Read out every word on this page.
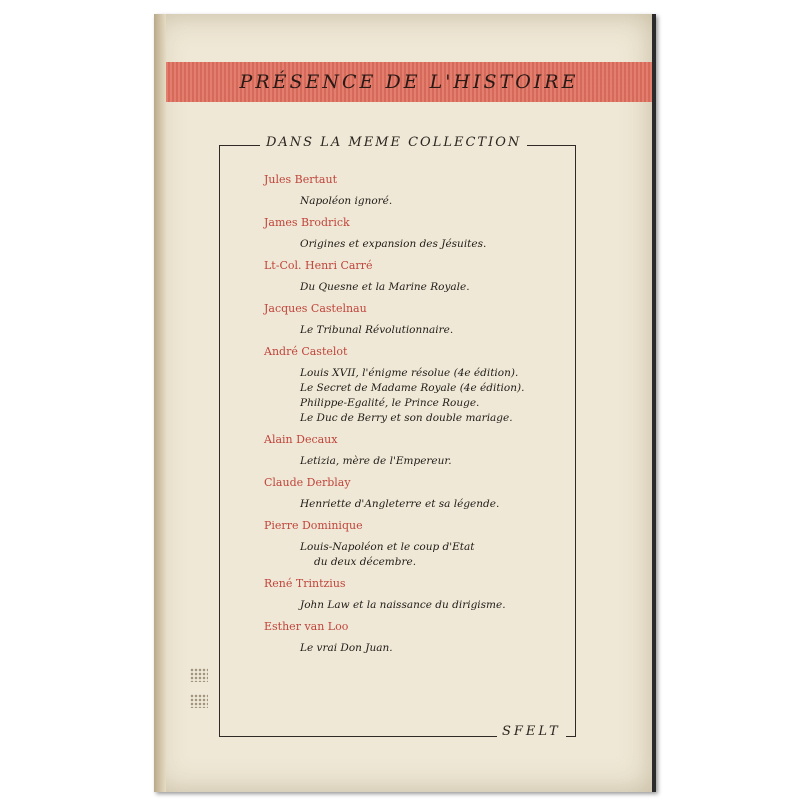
PRÉSENCE DE L'HISTOIRE
DANS LA MEME COLLECTION
Jules Bertaut
Napoléon ignoré.
James Brodrick
Origines et expansion des Jésuites.
Lt-Col. Henri Carré
Du Quesne et la Marine Royale.
Jacques Castelnau
Le Tribunal Révolutionnaire.
André Castelot
Louis XVII, l'énigme résolue (4e édition).
Le Secret de Madame Royale (4e édition).
Philippe-Egalité, le Prince Rouge.
Le Duc de Berry et son double mariage.
Alain Decaux
Letizia, mère de l'Empereur.
Claude Derblay
Henriette d'Angleterre et sa légende.
Pierre Dominique
Louis-Napoléon et le coup d'Etat
du deux décembre.
René Trintzius
John Law et la naissance du dirigisme.
Esther van Loo
Le vrai Don Juan.
SFELT
